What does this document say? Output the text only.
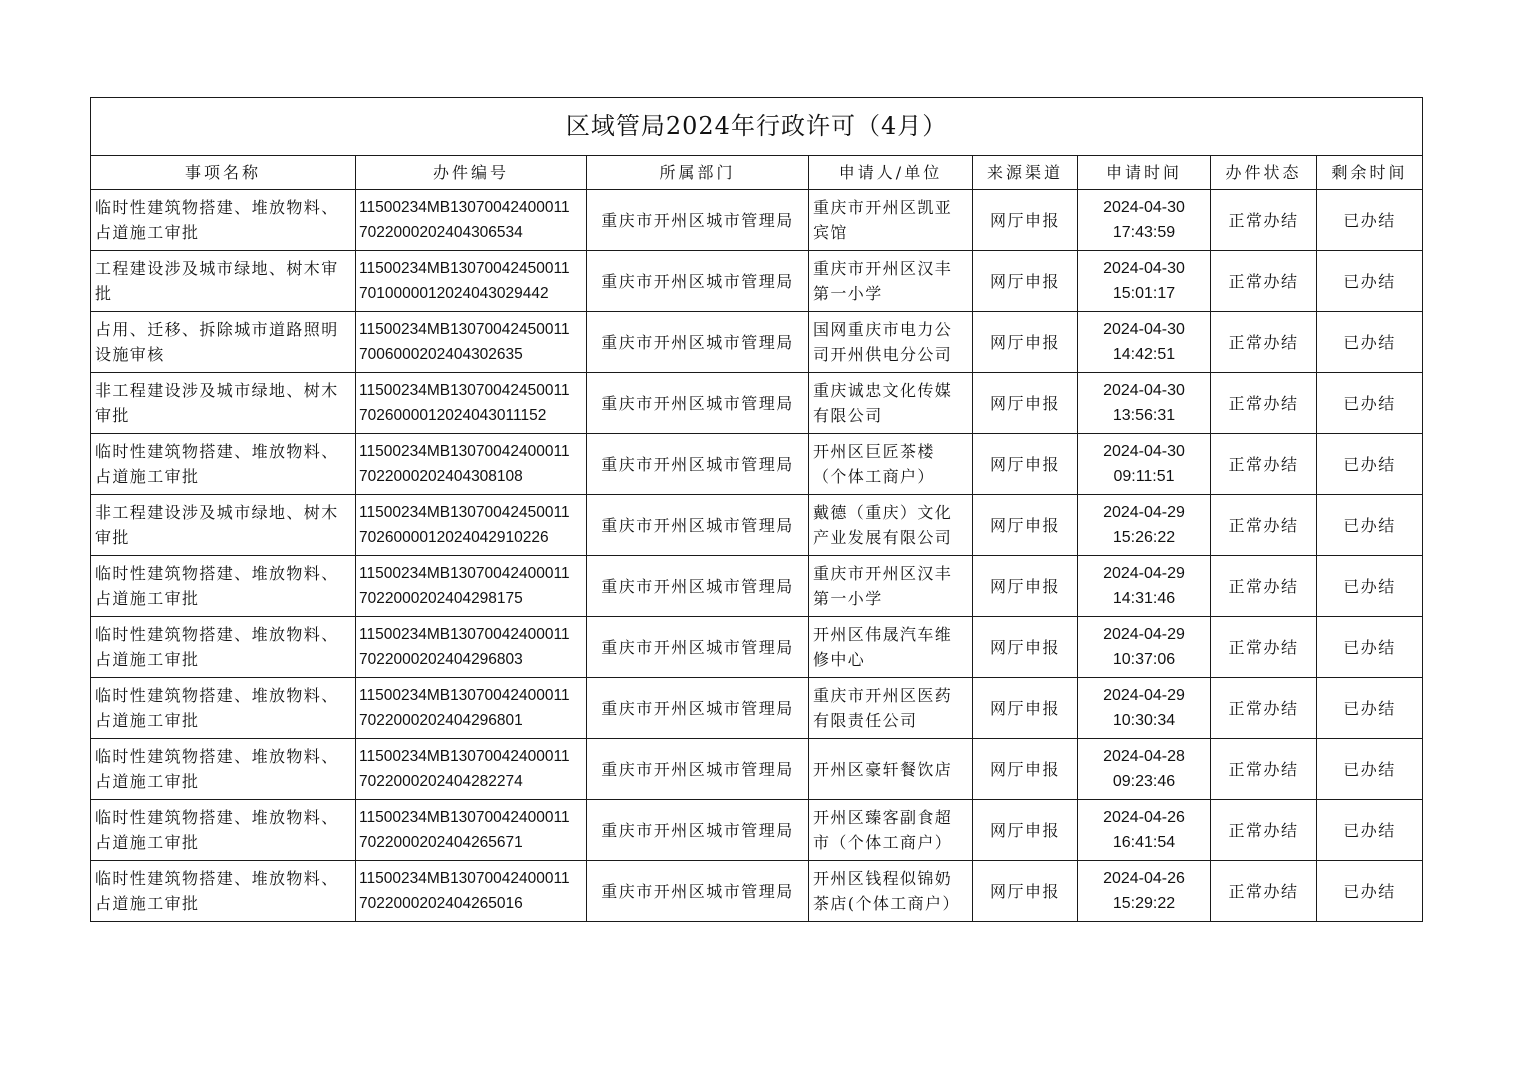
区域管局2024年行政许可（4月）							
事项名称	办件编号	所属部门	申请人/单位	来源渠道	申请时间	办件状态	剩余时间

临时性建筑物搭建、堆放物料、
占道施工审批	11500234MB13070042400011
7022000202404306534	重庆市开州区城市管理局	重庆市开州区凯亚
宾馆	网厅申报	2024-04-30
17:43:59	正常办结	已办结

工程建设涉及城市绿地、树木审
批	11500234MB13070042450011
7010000012024043029442	重庆市开州区城市管理局	重庆市开州区汉丰
第一小学	网厅申报	2024-04-30
15:01:17	正常办结	已办结

占用、迁移、拆除城市道路照明
设施审核	11500234MB13070042450011
7006000202404302635	重庆市开州区城市管理局	国网重庆市电力公
司开州供电分公司	网厅申报	2024-04-30
14:42:51	正常办结	已办结

非工程建设涉及城市绿地、树木
审批	11500234MB13070042450011
7026000012024043011152	重庆市开州区城市管理局	重庆诚忠文化传媒
有限公司	网厅申报	2024-04-30
13:56:31	正常办结	已办结

临时性建筑物搭建、堆放物料、
占道施工审批	11500234MB13070042400011
7022000202404308108	重庆市开州区城市管理局	开州区巨匠茶楼
（个体工商户）	网厅申报	2024-04-30
09:11:51	正常办结	已办结

非工程建设涉及城市绿地、树木
审批	11500234MB13070042450011
7026000012024042910226	重庆市开州区城市管理局	戴德（重庆）文化
产业发展有限公司	网厅申报	2024-04-29
15:26:22	正常办结	已办结

临时性建筑物搭建、堆放物料、
占道施工审批	11500234MB13070042400011
7022000202404298175	重庆市开州区城市管理局	重庆市开州区汉丰
第一小学	网厅申报	2024-04-29
14:31:46	正常办结	已办结

临时性建筑物搭建、堆放物料、
占道施工审批	11500234MB13070042400011
7022000202404296803	重庆市开州区城市管理局	开州区伟晟汽车维
修中心	网厅申报	2024-04-29
10:37:06	正常办结	已办结

临时性建筑物搭建、堆放物料、
占道施工审批	11500234MB13070042400011
7022000202404296801	重庆市开州区城市管理局	重庆市开州区医药
有限责任公司	网厅申报	2024-04-29
10:30:34	正常办结	已办结

临时性建筑物搭建、堆放物料、
占道施工审批	11500234MB13070042400011
7022000202404282274	重庆市开州区城市管理局	开州区豪轩餐饮店	网厅申报	2024-04-28
09:23:46	正常办结	已办结

临时性建筑物搭建、堆放物料、
占道施工审批	11500234MB13070042400011
7022000202404265671	重庆市开州区城市管理局	开州区臻客副食超
市（个体工商户）	网厅申报	2024-04-26
16:41:54	正常办结	已办结

临时性建筑物搭建、堆放物料、
占道施工审批	11500234MB13070042400011
7022000202404265016	重庆市开州区城市管理局	开州区钱程似锦奶
茶店(个体工商户）	网厅申报	2024-04-26
15:29:22	正常办结	已办结
